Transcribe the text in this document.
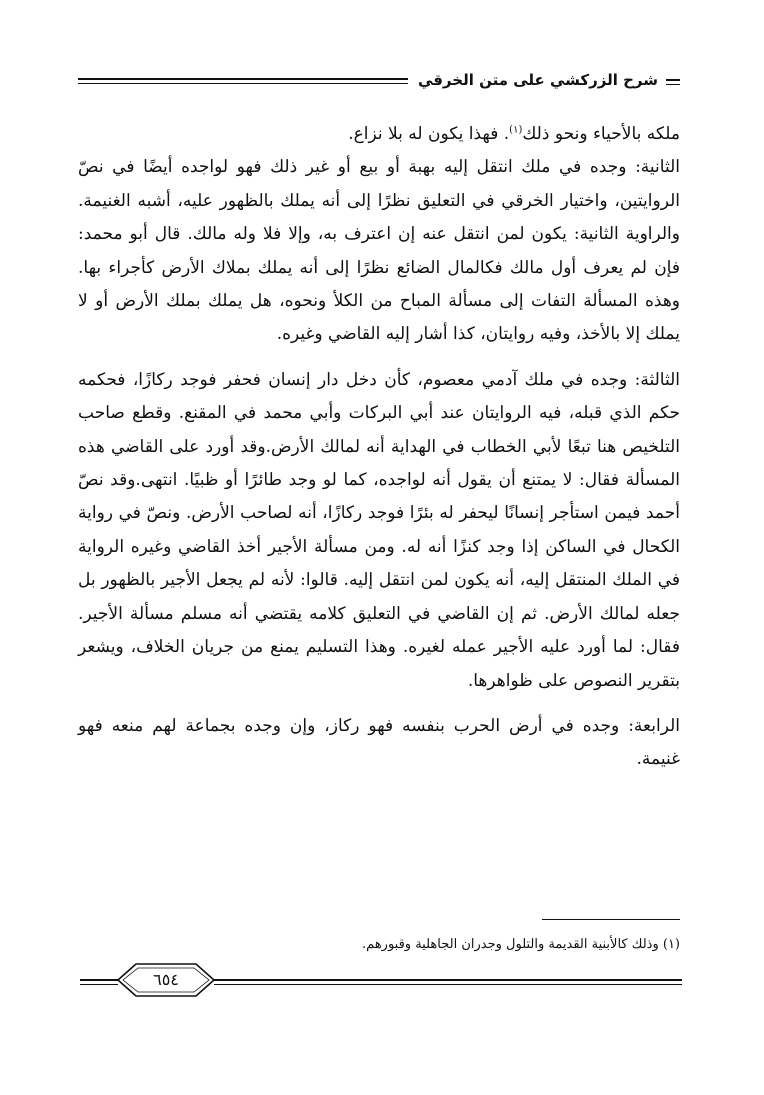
شرح الزركشي على متن الخرقي

ملكه بالأحياء ونحو ذلك$^{(١)}$. فهذا يكون له بلا نزاع.

الثانية: وجده في ملك انتقل إليه بهبة أو بيع أو غير ذلك فهو لواجده أيضًا في نصّ الروايتين، واختيار الخرقي في التعليق نظرًا إلى أنه يملك بالظهور عليه، أشبه الغنيمة. والراوية الثانية: يكون لمن انتقل عنه إن اعترف به، وإلا فلا وله مالك. قال أبو محمد: فإن لم يعرف أول مالك فكالمال الضائع نظرًا إلى أنه يملك بملاك الأرض كأجراء بها. وهذه المسألة التفات إلى مسألة المباح من الكلأ ونحوه، هل يملك بملك الأرض أو لا يملك إلا بالأخذ، وفيه روايتان، كذا أشار إليه القاضي وغيره.

الثالثة: وجده في ملك آدمي معصوم، كأن دخل دار إنسان فحفر فوجد ركازًا، فحكمه حكم الذي قبله، فيه الروايتان عند أبي البركات وأبي محمد في المقنع. وقطع صاحب التلخيص هنا تبعًا لأبي الخطاب في الهداية أنه لمالك الأرض.وقد أورد على القاضي هذه المسألة فقال: لا يمتنع أن يقول أنه لواجده، كما لو وجد طائرًا أو ظبيًا. انتهى.وقد نصّ أحمد فيمن استأجر إنسانًا ليحفر له بئرًا فوجد ركازًا، أنه لصاحب الأرض. ونصّ في رواية الكحال في الساكن إذا وجد كنزًا أنه له. ومن مسألة الأجير أخذ القاضي وغيره الرواية في الملك المنتقل إليه، أنه يكون لمن انتقل إليه. قالوا: لأنه لم يجعل الأجير بالظهور بل جعله لمالك الأرض. ثم إن القاضي في التعليق كلامه يقتضي أنه مسلم مسألة الأجير. فقال: لما أورد عليه الأجير عمله لغيره. وهذا التسليم يمنع من جريان الخلاف، ويشعر بتقرير النصوص على ظواهرها.

الرابعة: وجده في أرض الحرب بنفسه فهو ركاز، وإن وجده بجماعة لهم منعه فهو غنيمة.

(١) وذلك كالأبنية القديمة والتلول وجدران الجاهلية وقبورهم.
٦٥٤
